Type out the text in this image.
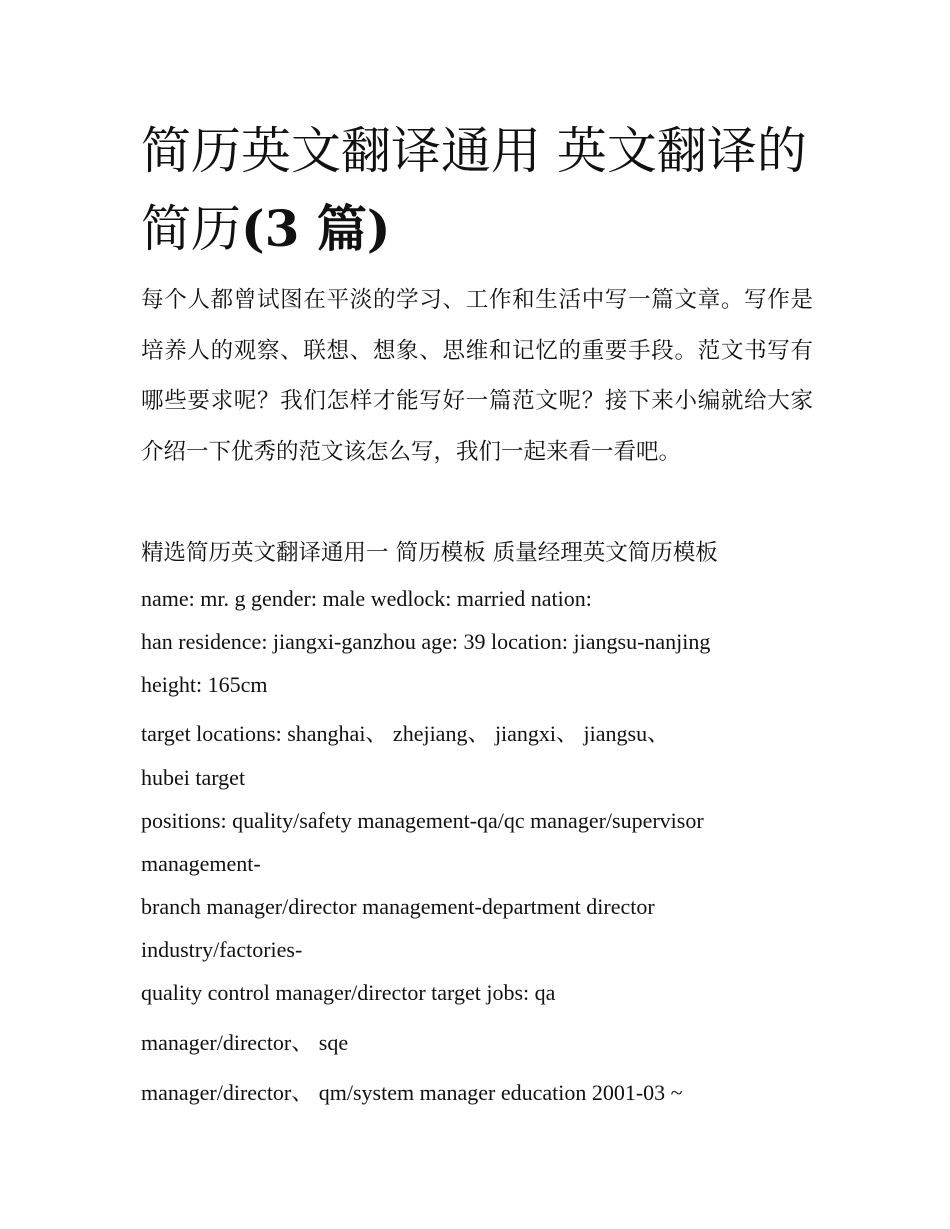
简历英文翻译通用 英文翻译的简历(3 篇)

每个人都曾试图在平淡的学习、工作和生活中写一篇文章。写作是培养人的观察、联想、想象、思维和记忆的重要手段。范文书写有哪些要求呢？我们怎样才能写好一篇范文呢？接下来小编就给大家介绍一下优秀的范文该怎么写，我们一起来看一看吧。

精选简历英文翻译通用一 简历模板 质量经理英文简历模板

name: mr. g gender: male wedlock: married nation:

han residence: jiangxi-ganzhou age: 39 location: jiangsu-nanjing

height: 165cm

target locations: shanghai、 zhejiang、 jiangxi、 jiangsu、

hubei target

positions: quality/safety management-qa/qc manager/supervisor

management-

branch manager/director management-department director

industry/factories-

quality control manager/director target jobs: qa

manager/director、 sqe

manager/director、 qm/system manager education 2001-03 ~
